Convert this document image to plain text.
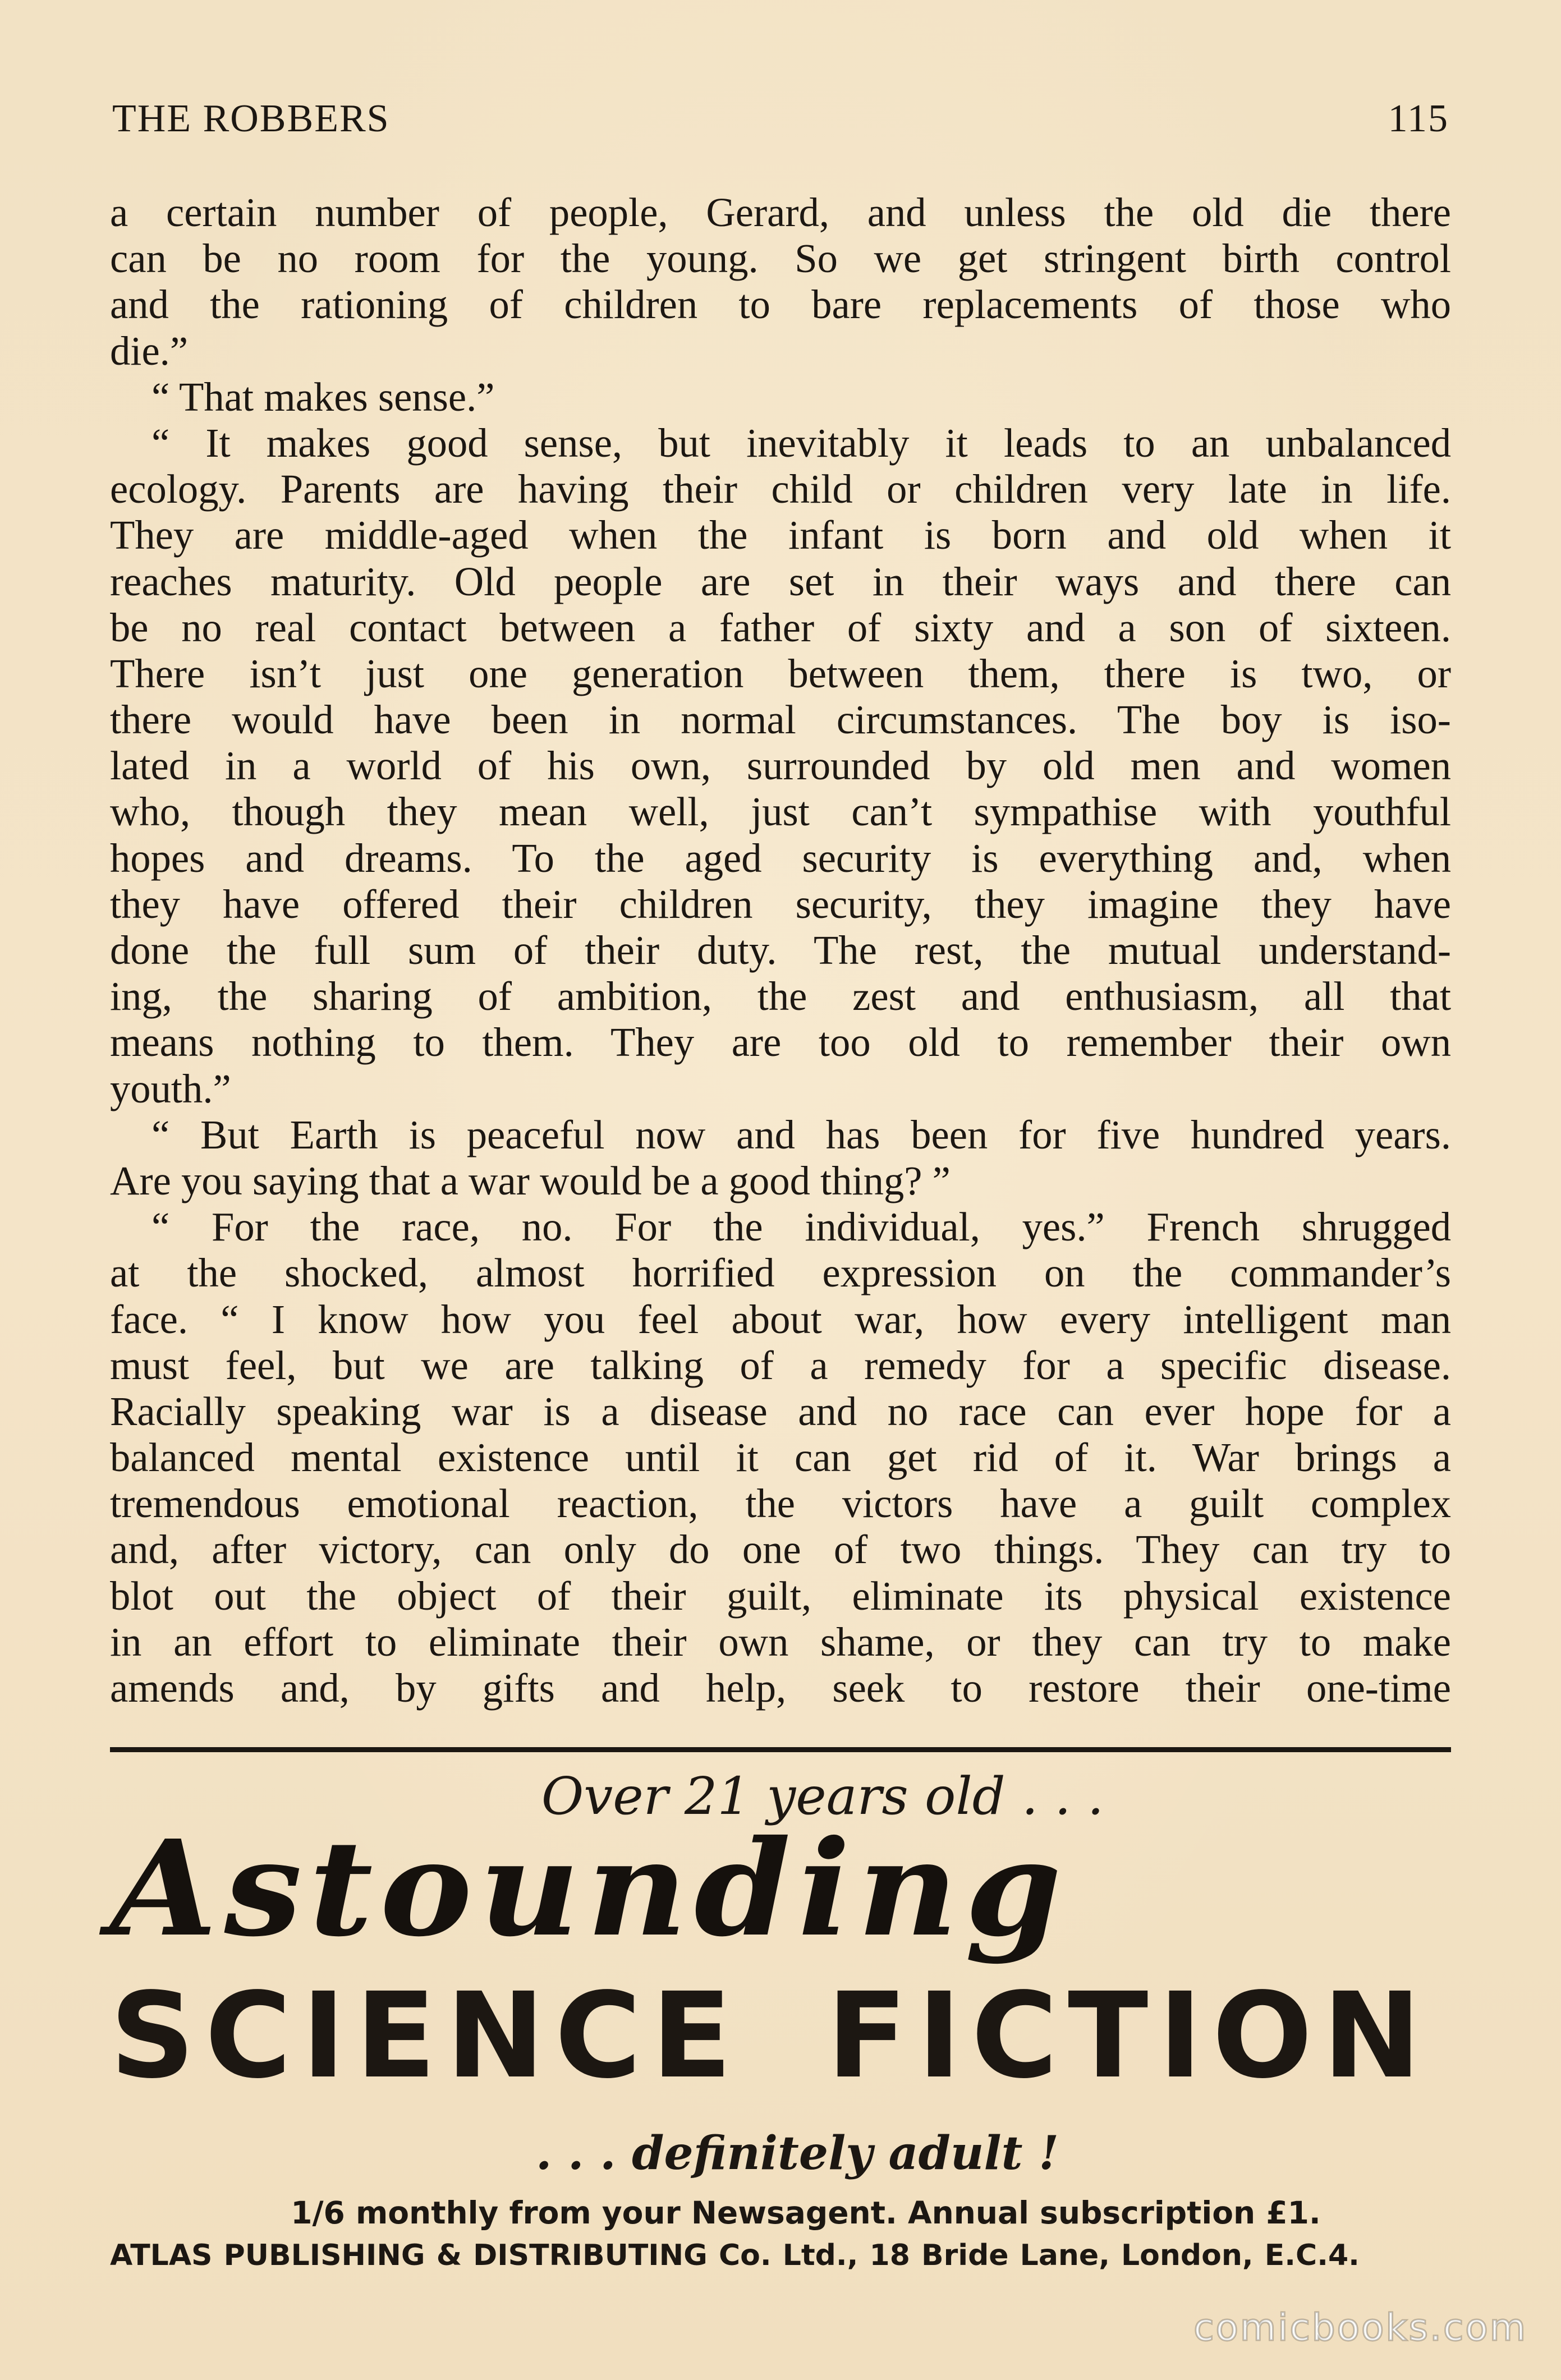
THE ROBBERS	115
a certain number of people, Gerard, and unless the old die there
can be no room for the young. So we get stringent birth control
and the rationing of children to bare replacements of those who
die.”
“ That makes sense.”
“ It makes good sense, but inevitably it leads to an unbalanced
ecology. Parents are having their child or children very late in life.
They are middle-aged when the infant is born and old when it
reaches maturity. Old people are set in their ways and there can
be no real contact between a father of sixty and a son of sixteen.
There isn’t just one generation between them, there is two, or
there would have been in normal circumstances. The boy is iso-
lated in a world of his own, surrounded by old men and women
who, though they mean well, just can’t sympathise with youthful
hopes and dreams. To the aged security is everything and, when
they have offered their children security, they imagine they have
done the full sum of their duty. The rest, the mutual understand-
ing, the sharing of ambition, the zest and enthusiasm, all that
means nothing to them. They are too old to remember their own
youth.”
“ But Earth is peaceful now and has been for five hundred years.
Are you saying that a war would be a good thing? ”
“ For the race, no. For the individual, yes.” French shrugged
at the shocked, almost horrified expression on the commander’s
face. “ I know how you feel about war, how every intelligent man
must feel, but we are talking of a remedy for a specific disease.
Racially speaking war is a disease and no race can ever hope for a
balanced mental existence until it can get rid of it. War brings a
tremendous emotional reaction, the victors have a guilt complex
and, after victory, can only do one of two things. They can try to
blot out the object of their guilt, eliminate its physical existence
in an effort to eliminate their own shame, or they can try to make
amends and, by gifts and help, seek to restore their one-time
Over 21 years old . . .
Astounding
SCIENCE FICTION
. . . definitely adult !
1/6 monthly from your Newsagent. Annual subscription £1.
ATLAS PUBLISHING & DISTRIBUTING Co. Ltd., 18 Bride Lane, London, E.C.4.
comicbooks.com
